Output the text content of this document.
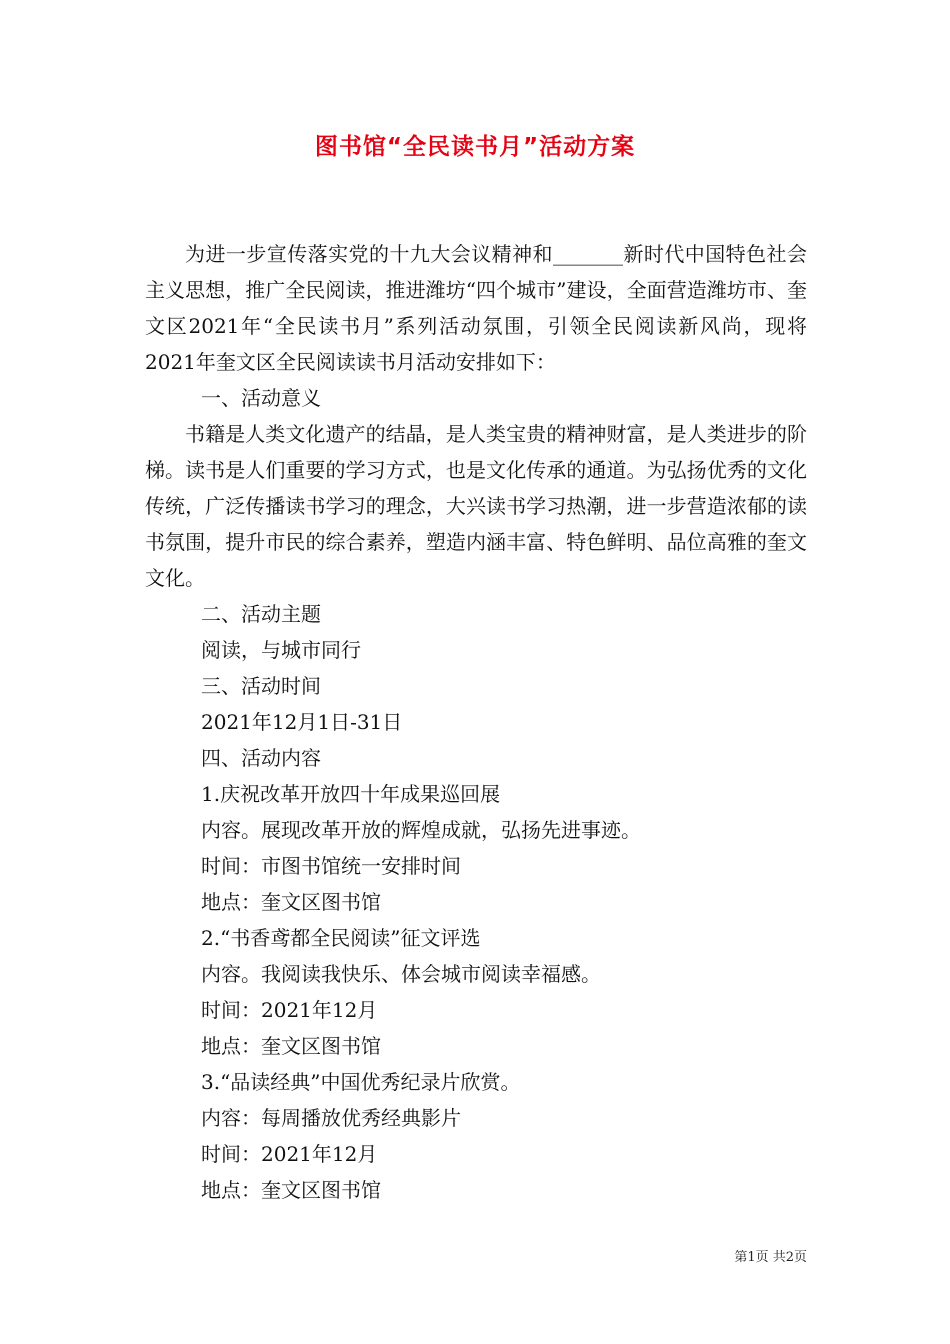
图书馆“全民读书月”活动方案

为进一步宣传落实党的十九大会议精神和_______新时代中国特色社会主义思想，推广全民阅读，推进潍坊“四个城市”建设，全面营造潍坊市、奎文区2021年“全民读书月”系列活动氛围，引领全民阅读新风尚，现将2021年奎文区全民阅读读书月活动安排如下：

一、活动意义

书籍是人类文化遗产的结晶，是人类宝贵的精神财富，是人类进步的阶梯。读书是人们重要的学习方式，也是文化传承的通道。为弘扬优秀的文化传统，广泛传播读书学习的理念，大兴读书学习热潮，进一步营造浓郁的读书氛围，提升市民的综合素养，塑造内涵丰富、特色鲜明、品位高雅的奎文文化。

二、活动主题

阅读，与城市同行

三、活动时间

2021年12月1日-31日

四、活动内容

1.庆祝改革开放四十年成果巡回展

内容。展现改革开放的辉煌成就，弘扬先进事迹。

时间：市图书馆统一安排时间

地点：奎文区图书馆

2.“书香鸢都全民阅读”征文评选

内容。我阅读我快乐、体会城市阅读幸福感。

时间：2021年12月

地点：奎文区图书馆

3.“品读经典”中国优秀纪录片欣赏。

内容：每周播放优秀经典影片

时间：2021年12月

地点：奎文区图书馆

第1页 共2页
